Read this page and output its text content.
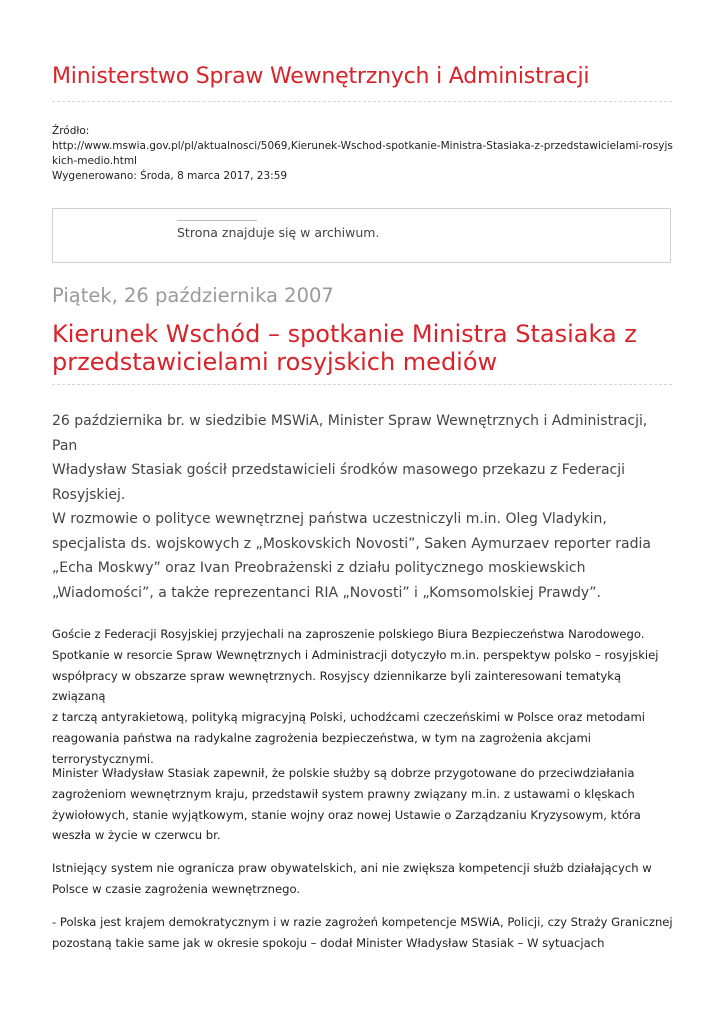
Ministerstwo Spraw Wewnętrznych i Administracji
Źródło:
http://www.mswia.gov.pl/pl/aktualnosci/5069,Kierunek-Wschod-spotkanie-Ministra-Stasiaka-z-przedstawicielami-rosyjs
kich-medio.html
Wygenerowano: Środa, 8 marca 2017, 23:59
Strona znajduje się w archiwum.
Piątek, 26 października 2007
Kierunek Wschód – spotkanie Ministra Stasiaka z
przedstawicielami rosyjskich mediów
26 października br. w siedzibie MSWiA, Minister Spraw Wewnętrznych i Administracji, Pan
Władysław Stasiak gościł przedstawicieli środków masowego przekazu z Federacji
Rosyjskiej.
W rozmowie o polityce wewnętrznej państwa uczestniczyli m.in. Oleg Vladykin,
specjalista ds. wojskowych z „Moskovskich Novosti”, Saken Aymurzaev reporter radia
„Echa Moskwy” oraz Ivan Preobrażenski z działu politycznego moskiewskich
„Wiadomości”, a także reprezentanci RIA „Novosti” i „Komsomolskiej Prawdy”.
Goście z Federacji Rosyjskiej przyjechali na zaproszenie polskiego Biura Bezpieczeństwa Narodowego.
Spotkanie w resorcie Spraw Wewnętrznych i Administracji dotyczyło m.in. perspektyw polsko – rosyjskiej
współpracy w obszarze spraw wewnętrznych. Rosyjscy dziennikarze byli zainteresowani tematyką związaną
z tarczą antyrakietową, polityką migracyjną Polski, uchodźcami czeczeńskimi w Polsce oraz metodami
reagowania państwa na radykalne zagrożenia bezpieczeństwa, w tym na zagrożenia akcjami
terrorystycznymi.
Minister Władysław Stasiak zapewnił, że polskie służby są dobrze przygotowane do przeciwdziałania
zagrożeniom wewnętrznym kraju, przedstawił system prawny związany m.in. z ustawami o klęskach
żywiołowych, stanie wyjątkowym, stanie wojny oraz nowej Ustawie o Zarządzaniu Kryzysowym, która
weszła w życie w czerwcu br.
Istniejący system nie ogranicza praw obywatelskich, ani nie zwiększa kompetencji służb działających w
Polsce w czasie zagrożenia wewnętrznego.
- Polska jest krajem demokratycznym i w razie zagrożeń kompetencje MSWiA, Policji, czy Straży Granicznej
pozostaną takie same jak w okresie spokoju – dodał Minister Władysław Stasiak – W sytuacjach
